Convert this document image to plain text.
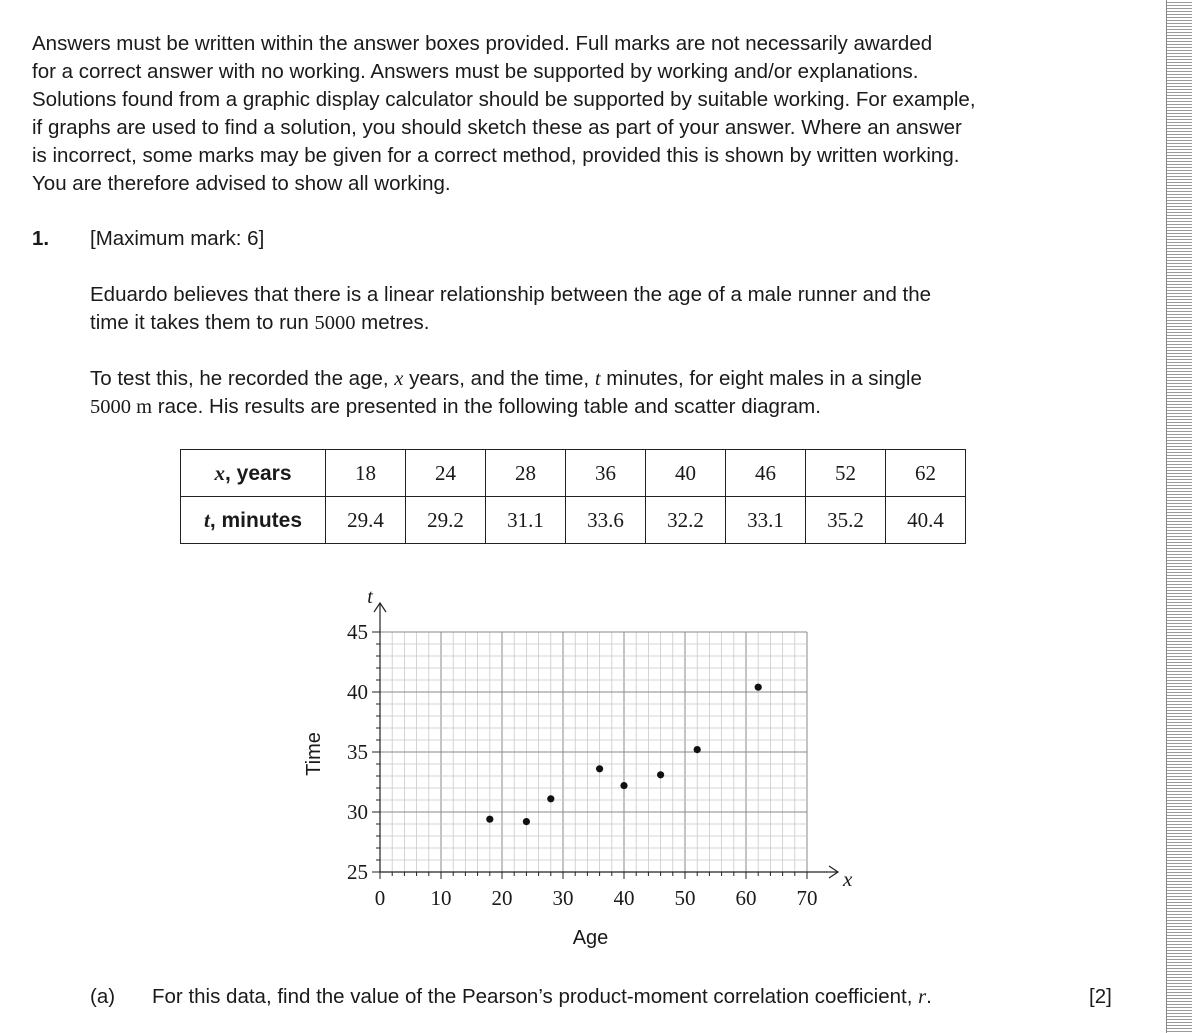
Answers must be written within the answer boxes provided. Full marks are not necessarily awarded
for a correct answer with no working. Answers must be supported by working and/or explanations.
Solutions found from a graphic display calculator should be supported by suitable working. For example,
if graphs are used to find a solution, you should sketch these as part of your answer. Where an answer
is incorrect, some marks may be given for a correct method, provided this is shown by written working.
You are therefore advised to show all working.
1. [Maximum mark: 6]
Eduardo believes that there is a linear relationship between the age of a male runner and the
time it takes them to run 5000 metres.
To test this, he recorded the age, x years, and the time, t minutes, for eight males in a single
5000 m race. His results are presented in the following table and scatter diagram.
x, years	18	24	28	36	40	46	52	62
t, minutes	29.4	29.2	31.1	33.6	32.2	33.1	35.2	40.4
0 10 20 30 40 50 60 70
25
30
35
40
45
x
t
Age
Time
(a) For this data, find the value of the Pearson’s product-moment correlation coefficient, r.	[2]
